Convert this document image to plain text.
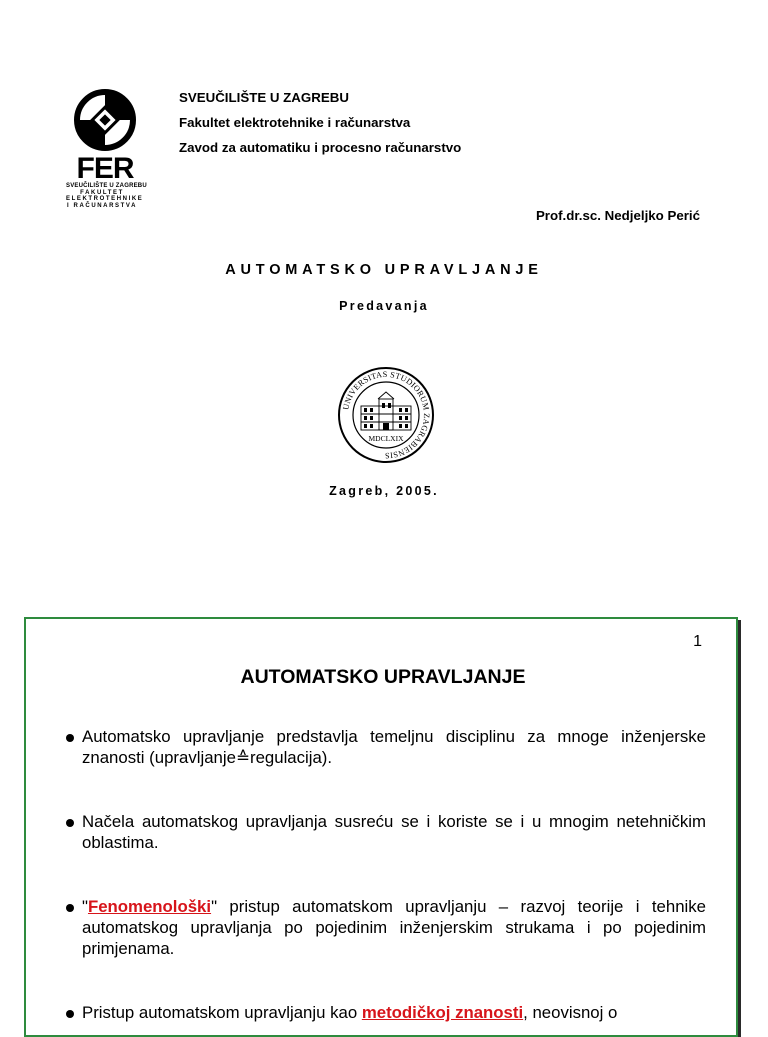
FER
SVEUČILIŠTE U ZAGREBU
FAKULTET
ELEKTROTEHNIKE
I RAČUNARSTVA
SVEUČILIŠTE U ZAGREBU
Fakultet elektrotehnike i računarstva
Zavod za automatiku i procesno računarstvo
Prof.dr.sc. Nedjeljko Perić
AUTOMATSKO UPRAVLJANJE
Predavanja
UNIVERSITAS STUDIORUM ZAGRABIENSIS
MDCLXIX
Zagreb, 2005.
1
AUTOMATSKO UPRAVLJANJE
Automatsko upravljanje predstavlja temeljnu disciplinu za mnoge inženjerske znanosti (upravljanje≙regulacija).
Načela automatskog upravljanja susreću se i koriste se i u mnogim netehničkim oblastima.
"Fenomenološki" pristup automatskom upravljanju – razvoj teorije i tehnike automatskog upravljanja po pojedinim inženjerskim strukama i po pojedinim primjenama.
Pristup automatskom upravljanju kao metodičkoj znanosti, neovisnoj o
